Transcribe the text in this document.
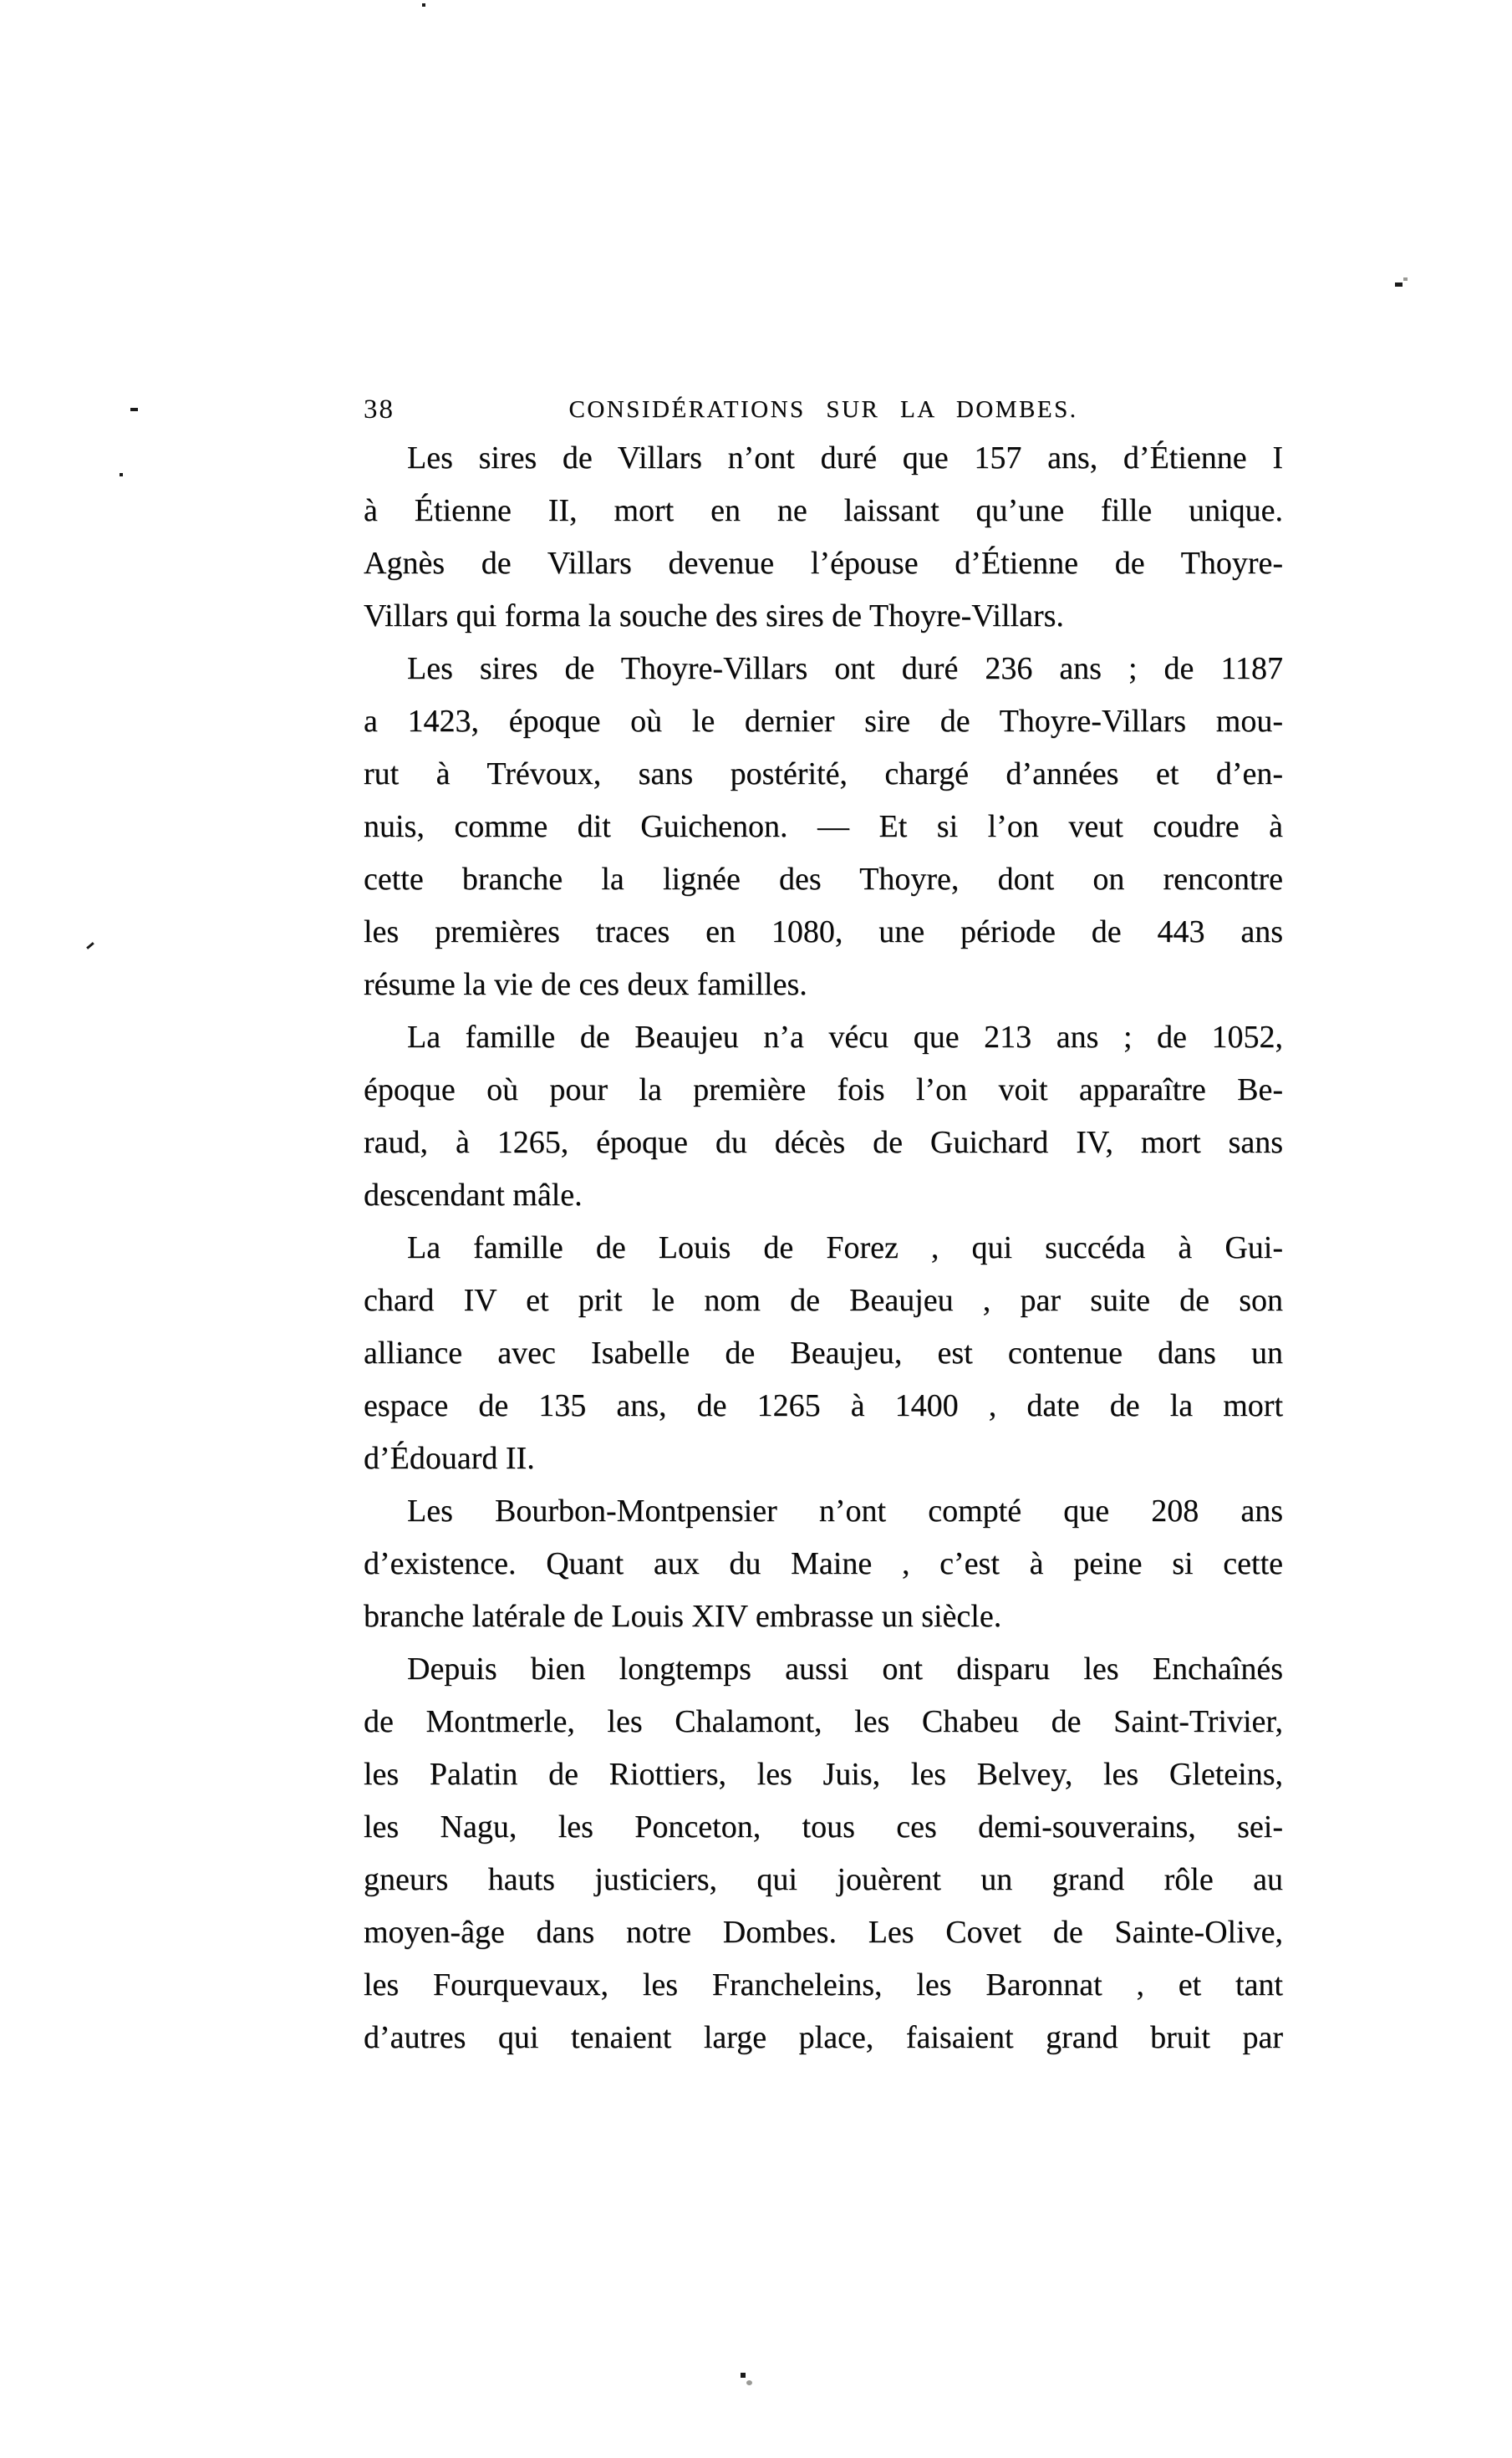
38	CONSIDÉRATIONS SUR LA DOMBES.
Les sires de Villars n’ont duré que 157 ans, d’Étienne I
à Étienne II, mort en ne laissant qu’une fille unique.
Agnès de Villars devenue l’épouse d’Étienne de Thoyre-
Villars qui forma la souche des sires de Thoyre-Villars.
Les sires de Thoyre-Villars ont duré 236 ans ; de 1187
a 1423, époque où le dernier sire de Thoyre-Villars mou-
rut à Trévoux, sans postérité, chargé d’années et d’en-
nuis, comme dit Guichenon. — Et si l’on veut coudre à
cette branche la lignée des Thoyre, dont on rencontre
les premières traces en 1080, une période de 443 ans
résume la vie de ces deux familles.
La famille de Beaujeu n’a vécu que 213 ans ; de 1052,
époque où pour la première fois l’on voit apparaître Be-
raud, à 1265, époque du décès de Guichard IV, mort sans
descendant mâle.
La famille de Louis de Forez , qui succéda à Gui-
chard IV et prit le nom de Beaujeu , par suite de son
alliance avec Isabelle de Beaujeu, est contenue dans un
espace de 135 ans, de 1265 à 1400 , date de la mort
d’Édouard II.
Les Bourbon-Montpensier n’ont compté que 208 ans
d’existence. Quant aux du Maine , c’est à peine si cette
branche latérale de Louis XIV embrasse un siècle.
Depuis bien longtemps aussi ont disparu les Enchaînés
de Montmerle, les Chalamont, les Chabeu de Saint-Trivier,
les Palatin de Riottiers, les Juis, les Belvey, les Gleteins,
les Nagu, les Ponceton, tous ces demi-souverains, sei-
gneurs hauts justiciers, qui jouèrent un grand rôle au
moyen-âge dans notre Dombes. Les Covet de Sainte-Olive,
les Fourquevaux, les Francheleins, les Baronnat , et tant
d’autres qui tenaient large place, faisaient grand bruit par
